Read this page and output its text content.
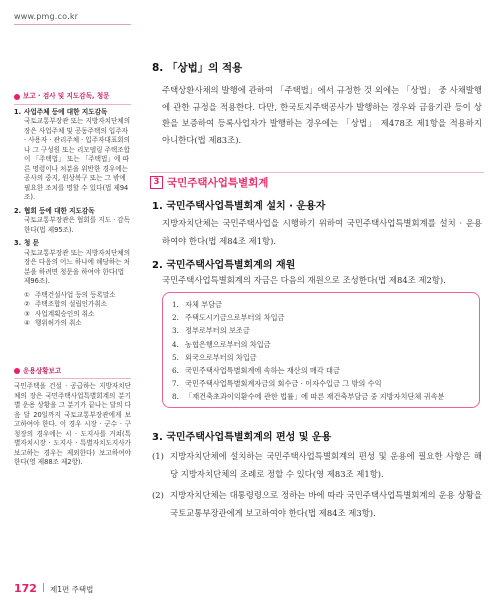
www.pmg.co.kr
보고 · 검사 및 지도감독, 청문
1. 사업주체 등에 대한 지도감독
국토교통부장관 또는 지방자치단체의 장은 사업주체 및 공동주택의 입주자 · 사용자 · 관리주체 · 입주자대표회의 나 그 구성원 또는 리모델링 주택조합이 「주택법」 또는 「주택법」에 따른 명령이나 처분을 위반한 경우에는 공사의 중지, 원상복구 또는 그 밖에 필요한 조치를 명할 수 있다(법 제94조).
2. 협회 등에 대한 지도감독
국토교통부장관은 협회를 지도 · 감독한다(법 제95조).
3. 청 문
국토교통부장관 또는 지방자치단체의 장은 다음의 어느 하나에 해당하는 처분을 하려면 청문을 하여야 한다(법 제96조).
① 주택건설사업 등의 등록말소
② 주택조합의 설립인가취소
③ 사업계획승인의 취소
④ 행위허가의 취소
운용상황보고
국민주택을 건설 · 공급하는 지방자치단체의 장은 국민주택사업특별회계의 분기별 운용 상황을 그 분기가 끝나는 달의 다음 달 20일까지 국토교통부장관에게 보고하여야 한다. 이 경우 시장 · 군수 · 구청장의 경우에는 시 · 도지사를 거쳐(특별자치시장 · 도지사 · 특별자치도지사가 보고하는 경우는 제외한다) 보고하여야 한다(영 제88조 제2항).
8. 「상법」의 적용
주택상환사채의 발행에 관하여 「주택법」에서 규정한 것 외에는 「상법」 중 사채발행에 관한 규정을 적용한다. 다만, 한국토지주택공사가 발행하는 경우와 금융기관 등이 상환을 보증하여 등록사업자가 발행하는 경우에는 「상법」 제478조 제1항을 적용하지 아니한다(법 제83조).
3 국민주택사업특별회계
1. 국민주택사업특별회계 설치 · 운용자
지방자치단체는 국민주택사업을 시행하기 위하여 국민주택사업특별회계를 설치 · 운용하여야 한다(법 제84조 제1항).
2. 국민주택사업특별회계의 재원
국민주택사업특별회계의 자금은 다음의 재원으로 조성한다(법 제84조 제2항).
1. 자체 부담금
2. 주택도시기금으로부터의 차입금
3. 정부로부터의 보조금
4. 농협은행으로부터의 차입금
5. 외국으로부터의 차입금
6. 국민주택사업특별회계에 속하는 재산의 매각 대금
7. 국민주택사업특별회계자금의 회수금 · 이자수입금 그 밖의 수익
8. 「재건축초과이익환수에 관한 법률」에 따른 재건축부담금 중 지방자치단체 귀속분
3. 국민주택사업특별회계의 편성 및 운용
(1) 지방자치단체에 설치하는 국민주택사업특별회계의 편성 및 운용에 필요한 사항은 해당 지방자치단체의 조례로 정할 수 있다(영 제83조 제1항).
(2) 지방자치단체는 대통령령으로 정하는 바에 따라 국민주택사업특별회계의 운용 상황을 국토교통부장관에게 보고하여야 한다(법 제84조 제3항).
172 제1편 주택법
